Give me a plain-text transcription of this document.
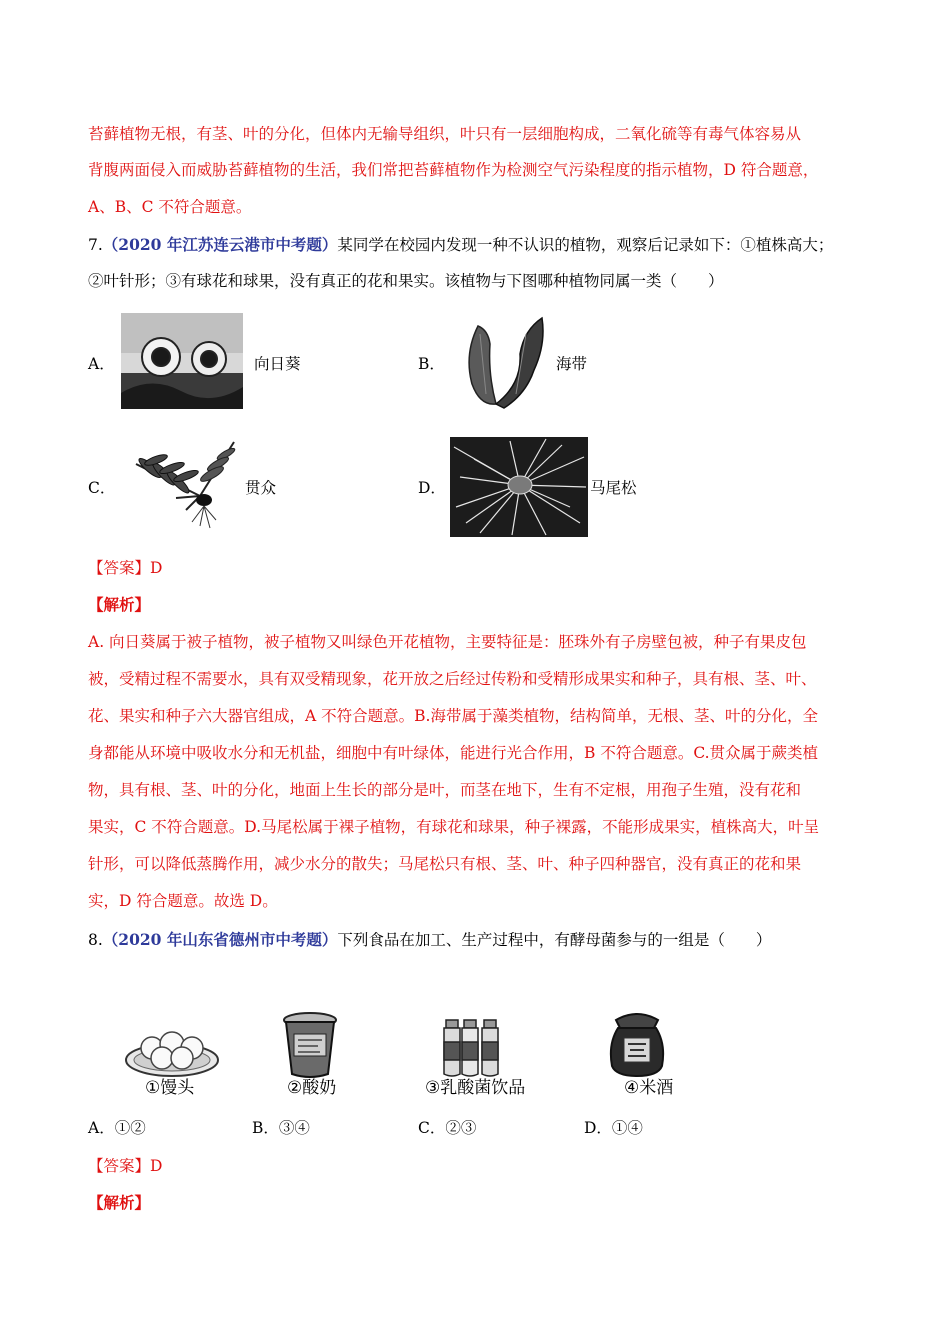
苔藓植物无根，有茎、叶的分化，但体内无输导组织，叶只有一层细胞构成，二氧化硫等有毒气体容易从
背腹两面侵入而威胁苔藓植物的生活，我们常把苔藓植物作为检测空气污染程度的指示植物，D 符合题意，
A、B、C 不符合题意。
7.（2020 年江苏连云港市中考题）某同学在校园内发现一种不认识的植物，观察后记录如下：①植株高大；
②叶针形；③有球花和球果，没有真正的花和果实。该植物与下图哪种植物同属一类（　　）
A．	向日葵	B．	海带
C．	贯众	D．	马尾松
【答案】D
【解析】
A. 向日葵属于被子植物，被子植物又叫绿色开花植物，主要特征是：胚珠外有子房壁包被，种子有果皮包
被，受精过程不需要水，具有双受精现象，花开放之后经过传粉和受精形成果实和种子，具有根、茎、叶、
花、果实和种子六大器官组成，A 不符合题意。B.海带属于藻类植物，结构简单，无根、茎、叶的分化，全
身都能从环境中吸收水分和无机盐，细胞中有叶绿体，能进行光合作用，B 不符合题意。C.贯众属于蕨类植
物，具有根、茎、叶的分化，地面上生长的部分是叶，而茎在地下，生有不定根，用孢子生殖，没有花和
果实，C 不符合题意。D.马尾松属于裸子植物，有球花和球果，种子裸露，不能形成果实，植株高大，叶呈
针形，可以降低蒸腾作用，减少水分的散失；马尾松只有根、茎、叶、种子四种器官，没有真正的花和果
实，D 符合题意。故选 D。
8.（2020 年山东省德州市中考题）下列食品在加工、生产过程中，有酵母菌参与的一组是（　　）
①馒头	②酸奶	③乳酸菌饮品	④米酒
A．①②	B．③④	C．②③	D．①④
【答案】D
【解析】
